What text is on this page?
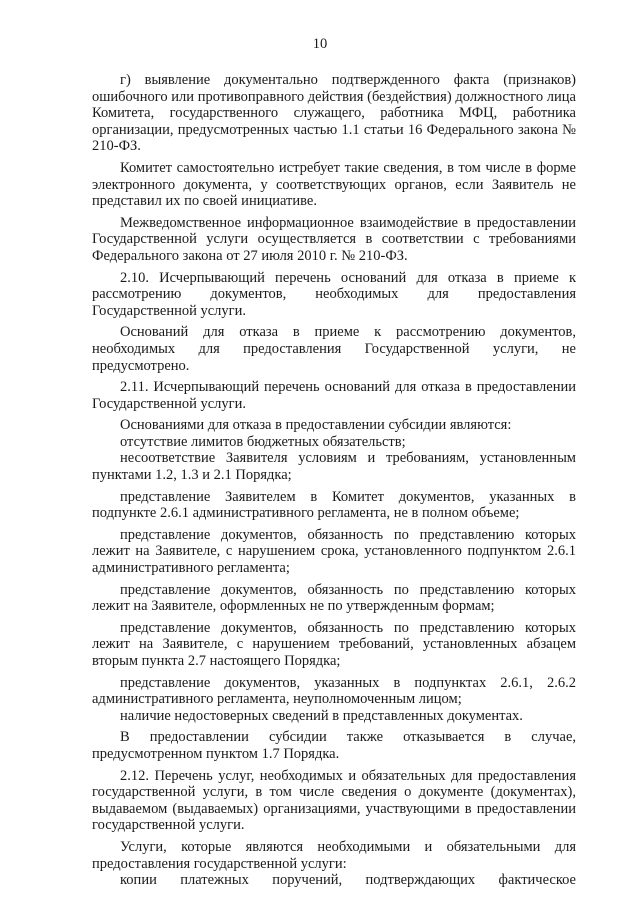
10

г) выявление документально подтвержденного факта (признаков) ошибочного или противоправного действия (бездействия) должностного лица Комитета, государственного служащего, работника МФЦ, работника организации, предусмотренных частью 1.1 статьи 16 Федерального закона № 210-ФЗ.

Комитет самостоятельно истребует такие сведения, в том числе в форме электронного документа, у соответствующих органов, если Заявитель не представил их по своей инициативе.

Межведомственное информационное взаимодействие в предоставлении Государственной услуги осуществляется в соответствии с требованиями Федерального закона от 27 июля 2010 г. № 210-ФЗ.

2.10. Исчерпывающий перечень оснований для отказа в приеме к рассмотрению документов, необходимых для предоставления Государственной услуги.

Оснований для отказа в приеме к рассмотрению документов, необходимых для предоставления Государственной услуги, не предусмотрено.

2.11. Исчерпывающий перечень оснований для отказа в предоставлении Государственной услуги.

Основаниями для отказа в предоставлении субсидии являются:

отсутствие лимитов бюджетных обязательств;

несоответствие Заявителя условиям и требованиям, установленным пунктами 1.2, 1.3 и 2.1 Порядка;

представление Заявителем в Комитет документов, указанных в подпункте 2.6.1 административного регламента, не в полном объеме;

представление документов, обязанность по представлению которых лежит на Заявителе, с нарушением срока, установленного подпунктом 2.6.1 административного регламента;

представление документов, обязанность по представлению которых лежит на Заявителе, оформленных не по утвержденным формам;

представление документов, обязанность по представлению которых лежит на Заявителе, с нарушением требований, установленных абзацем вторым пункта 2.7 настоящего Порядка;

представление документов, указанных в подпунктах 2.6.1, 2.6.2 административного регламента, неуполномоченным лицом;

наличие недостоверных сведений в представленных документах.

В предоставлении субсидии также отказывается в случае, предусмотренном пунктом 1.7 Порядка.

2.12. Перечень услуг, необходимых и обязательных для предоставления государственной услуги, в том числе сведения о документе (документах), выдаваемом (выдаваемых) организациями, участвующими в предоставлении государственной услуги.

Услуги, которые являются необходимыми и обязательными для предоставления государственной услуги:

копии платежных поручений, подтверждающих фактическое
